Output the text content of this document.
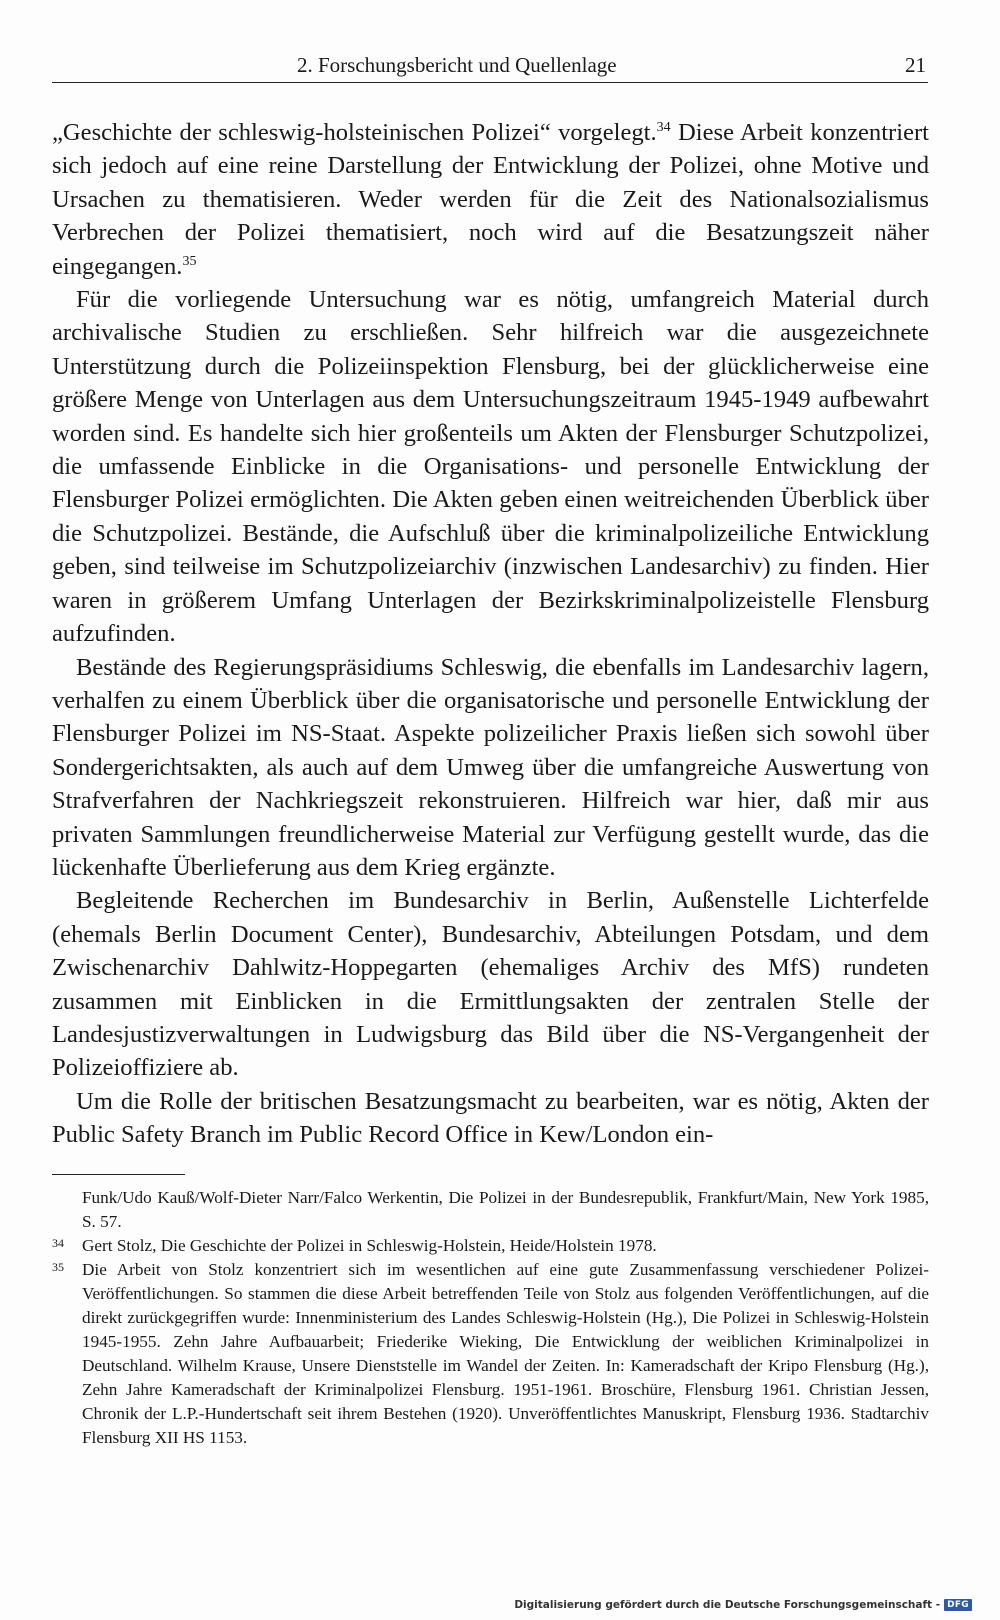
2. Forschungsbericht und Quellenlage	21

„Geschichte der schleswig-holsteinischen Polizei“ vorgelegt.$^{34}$ Diese Arbeit konzentriert sich jedoch auf eine reine Darstellung der Entwicklung der Polizei, ohne Motive und Ursachen zu thematisieren. Weder werden für die Zeit des Nationalsozialismus Verbrechen der Polizei thematisiert, noch wird auf die Besatzungszeit näher eingegangen.$^{35}$

Für die vorliegende Untersuchung war es nötig, umfangreich Material durch archivalische Studien zu erschließen. Sehr hilfreich war die ausgezeichnete Unterstützung durch die Polizeiinspektion Flensburg, bei der glücklicherweise eine größere Menge von Unterlagen aus dem Untersuchungszeitraum 1945-1949 aufbewahrt worden sind. Es handelte sich hier großenteils um Akten der Flensburger Schutzpolizei, die umfassende Einblicke in die Organisations- und personelle Entwicklung der Flensburger Polizei ermöglichten. Die Akten geben einen weitreichenden Überblick über die Schutzpolizei. Bestände, die Aufschluß über die kriminalpolizeiliche Entwicklung geben, sind teilweise im Schutzpolizeiarchiv (inzwischen Landesarchiv) zu finden. Hier waren in größerem Umfang Unterlagen der Bezirkskriminalpolizeistelle Flensburg aufzufinden.

Bestände des Regierungspräsidiums Schleswig, die ebenfalls im Landesarchiv lagern, verhalfen zu einem Überblick über die organisatorische und personelle Entwicklung der Flensburger Polizei im NS-Staat. Aspekte polizeilicher Praxis ließen sich sowohl über Sondergerichtsakten, als auch auf dem Umweg über die umfangreiche Auswertung von Strafverfahren der Nachkriegszeit rekonstruieren. Hilfreich war hier, daß mir aus privaten Sammlungen freundlicherweise Material zur Verfügung gestellt wurde, das die lückenhafte Überlieferung aus dem Krieg ergänzte.

Begleitende Recherchen im Bundesarchiv in Berlin, Außenstelle Lichterfelde (ehemals Berlin Document Center), Bundesarchiv, Abteilungen Potsdam, und dem Zwischenarchiv Dahlwitz-Hoppegarten (ehemaliges Archiv des MfS) rundeten zusammen mit Einblicken in die Ermittlungsakten der zentralen Stelle der Landesjustizverwaltungen in Ludwigsburg das Bild über die NS-Vergangenheit der Polizeioffiziere ab.

Um die Rolle der britischen Besatzungsmacht zu bearbeiten, war es nötig, Akten der Public Safety Branch im Public Record Office in Kew/London ein-

Funk/Udo Kauß/Wolf-Dieter Narr/Falco Werkentin, Die Polizei in der Bundesrepublik, Frankfurt/Main, New York 1985, S. 57.

34 Gert Stolz, Die Geschichte der Polizei in Schleswig-Holstein, Heide/Holstein 1978.

35 Die Arbeit von Stolz konzentriert sich im wesentlichen auf eine gute Zusammenfassung verschiedener Polizei-Veröffentlichungen. So stammen die diese Arbeit betreffenden Teile von Stolz aus folgenden Veröffentlichungen, auf die direkt zurückgegriffen wurde: Innenministerium des Landes Schleswig-Holstein (Hg.), Die Polizei in Schleswig-Holstein 1945-1955. Zehn Jahre Aufbauarbeit; Friederike Wieking, Die Entwicklung der weiblichen Kriminalpolizei in Deutschland. Wilhelm Krause, Unsere Dienststelle im Wandel der Zeiten. In: Kameradschaft der Kripo Flensburg (Hg.), Zehn Jahre Kameradschaft der Kriminalpolizei Flensburg. 1951-1961. Broschüre, Flensburg 1961. Christian Jessen, Chronik der L.P.-Hundertschaft seit ihrem Bestehen (1920). Unveröffentlichtes Manuskript, Flensburg 1936. Stadtarchiv Flensburg XII HS 1153.

Digitalisierung gefördert durch die Deutsche Forschungsgemeinschaft - DFG
